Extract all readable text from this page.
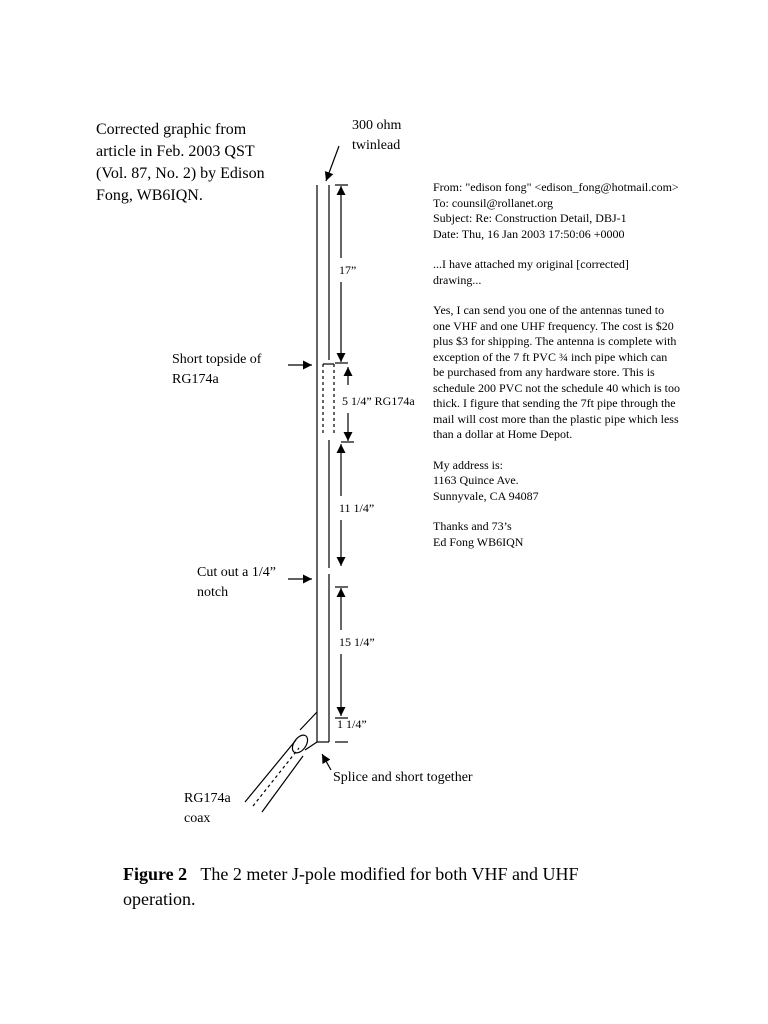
Corrected graphic from
article in Feb. 2003 QST
(Vol. 87, No. 2) by Edison
Fong, WB6IQN.
300 ohm
twinlead
17”
5 1/4” RG174a
11 1/4”
15 1/4”
1 1/4”
Short topside of
RG174a
Cut out a 1/4”
notch
Splice and short together
RG174a
coax

From: "edison fong" <edison_fong@hotmail.com>

To: counsil@rollanet.org

Subject: Re: Construction Detail, DBJ-1

Date: Thu, 16 Jan 2003 17:50:06 +0000

...I have attached my original [corrected]

drawing...

Yes, I can send you one of the antennas tuned to

one VHF and one UHF frequency. The cost is $20

plus $3 for shipping. The antenna is complete with

exception of the 7 ft PVC ¾ inch pipe which can

be purchased from any hardware store. This is

schedule 200 PVC not the schedule 40 which is too

thick. I figure that sending the 7ft pipe through the

mail will cost more than the plastic pipe which less

than a dollar at Home Depot.

My address is:

1163 Quince Ave.

Sunnyvale, CA 94087

Thanks and 73’s

Ed Fong WB6IQN

Figure 2 The 2 meter J-pole modified for both VHF and UHF operation.
